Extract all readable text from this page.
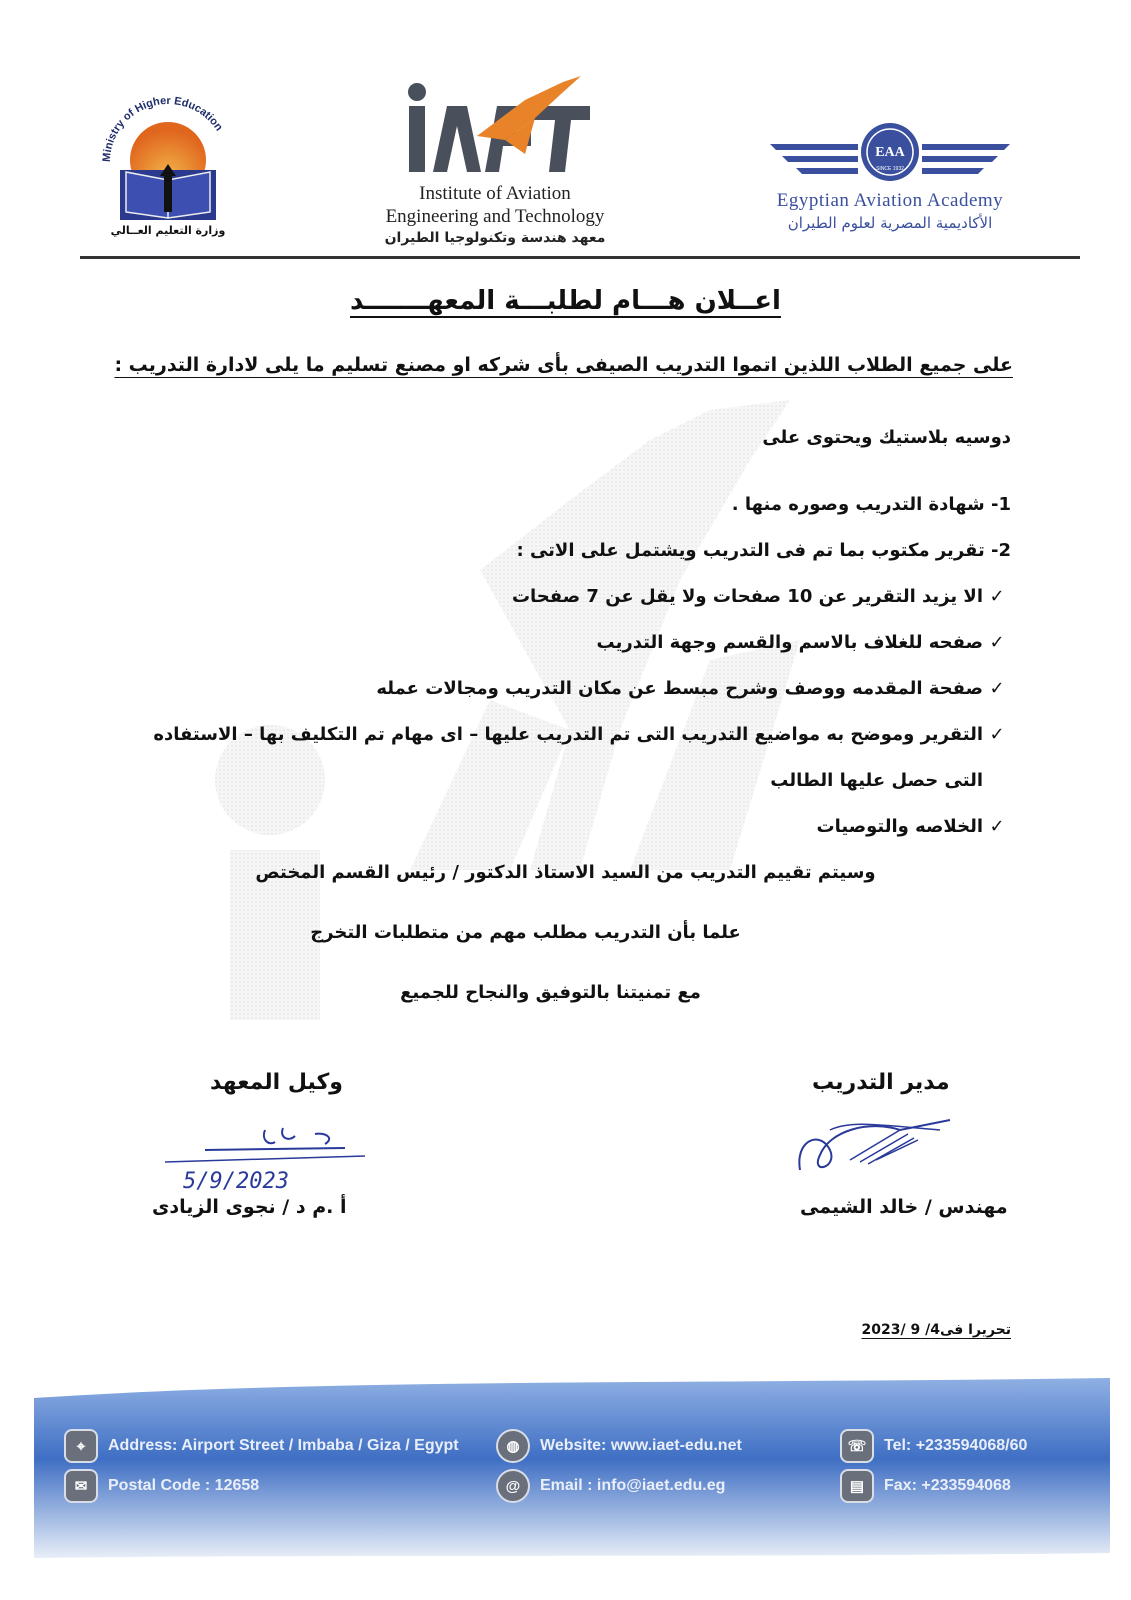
Ministry of Higher Education
وزارة التعليم العــالي
Institute of Aviation
Engineering and Technology
معهد هندسة وتكنولوجيا الطيران
EAA
SINCE 1932
Egyptian Aviation Academy
الأكاديمية المصرية لعلوم الطيران
اعــلان هـــام لطلبـــة المعهـــــــد
على جميع الطلاب اللذين اتموا التدريب الصيفى بأى شركه او مصنع تسليم ما يلى لادارة التدريب :
دوسيه بلاستيك ويحتوى على
1- شهادة التدريب وصوره منها .
2- تقرير مكتوب بما تم فى التدريب ويشتمل على الاتى :
✓الا يزيد التقرير عن 10 صفحات ولا يقل عن 7 صفحات
✓صفحه للغلاف بالاسم والقسم وجهة التدريب
✓صفحة المقدمه ووصف وشرح مبسط عن مكان التدريب ومجالات عمله
✓التقرير وموضح به مواضيع التدريب التى تم التدريب عليها – اى مهام تم التكليف بها – الاستفاده
التى حصل عليها الطالب
✓الخلاصه والتوصيات
وسيتم تقييم التدريب من السيد الاستاذ الدكتور / رئيس القسم المختص
علما بأن التدريب مطلب مهم من متطلبات التخرج
مع تمنيتنا بالتوفيق والنجاح للجميع
وكيل المعهد
5/9/2023
أ .م د / نجوى الزيادى
مدير التدريب
مهندس / خالد الشيمى
تحريرا فى4/ 9 /2023
⌖	Address: Airport Street / Imbaba / Giza / Egypt
✉	Postal Code : 12658
◍	Website: www.iaet-edu.net
@	Email : info@iaet.edu.eg
☏	Tel: +233594068/60
▤	Fax: +233594068
